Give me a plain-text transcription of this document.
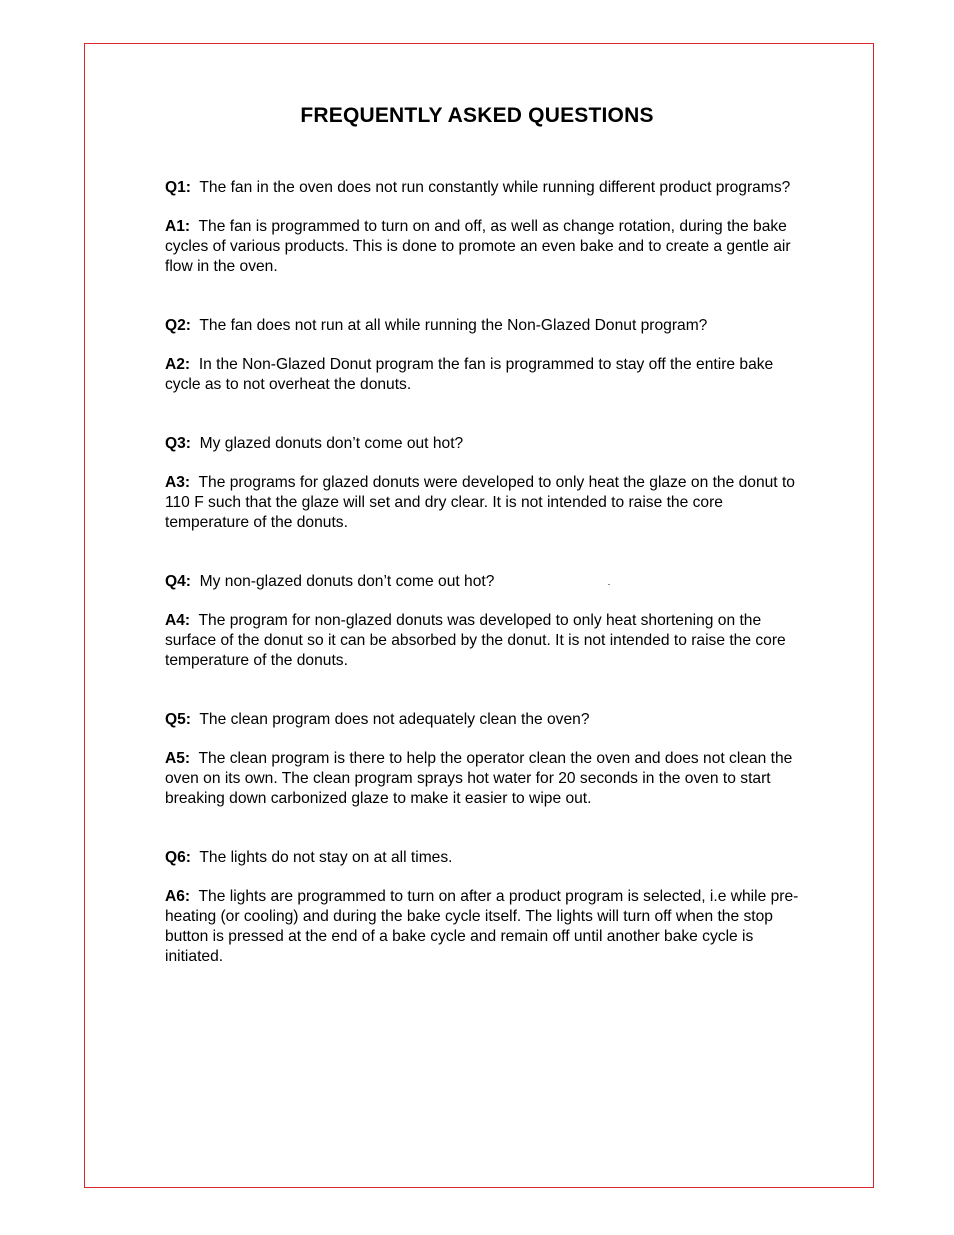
FREQUENTLY ASKED QUESTIONS

Q1: The fan in the oven does not run constantly while running different product programs?

A1: The fan is programmed to turn on and off, as well as change rotation, during the bake cycles of various products. This is done to promote an even bake and to create a gentle air flow in the oven.

Q2: The fan does not run at all while running the Non-Glazed Donut program?

A2: In the Non-Glazed Donut program the fan is programmed to stay off the entire bake cycle as to not overheat the donuts.

Q3: My glazed donuts don’t come out hot?

A3: The programs for glazed donuts were developed to only heat the glaze on the donut to 110 F such that the glaze will set and dry clear. It is not intended to raise the core temperature of the donuts.

Q4: My non-glazed donuts don’t come out hot?

A4: The program for non-glazed donuts was developed to only heat shortening on the surface of the donut so it can be absorbed by the donut. It is not intended to raise the core temperature of the donuts.

Q5: The clean program does not adequately clean the oven?

A5: The clean program is there to help the operator clean the oven and does not clean the oven on its own. The clean program sprays hot water for 20 seconds in the oven to start breaking down carbonized glaze to make it easier to wipe out.

Q6: The lights do not stay on at all times.

A6: The lights are programmed to turn on after a product program is selected, i.e while pre-heating (or cooling) and during the bake cycle itself. The lights will turn off when the stop button is pressed at the end of a bake cycle and remain off until another bake cycle is initiated.
